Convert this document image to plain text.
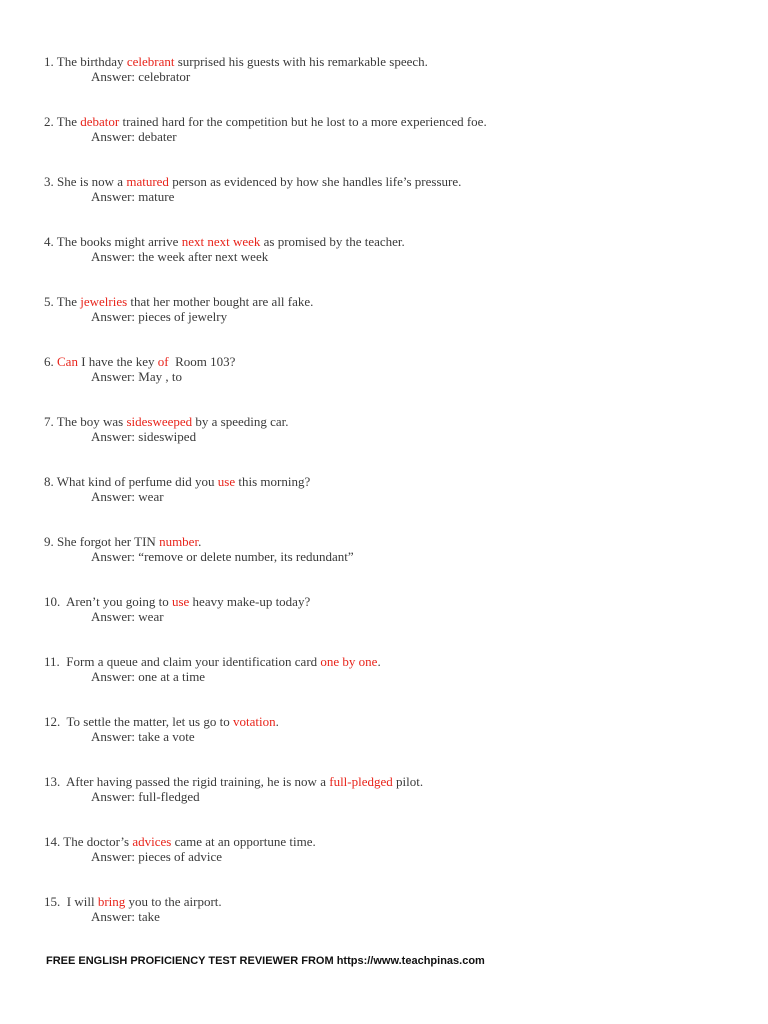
1. The birthday celebrant surprised his guests with his remarkable speech.
Answer: celebrator
2. The debator trained hard for the competition but he lost to a more experienced foe.
Answer: debater
3. She is now a matured person as evidenced by how she handles life’s pressure.
Answer: mature
4. The books might arrive next next week as promised by the teacher.
Answer: the week after next week
5. The jewelries that her mother bought are all fake.
Answer: pieces of jewelry
6. Can I have the key of  Room 103?
Answer: May , to
7. The boy was sidesweeped by a speeding car.
Answer: sideswiped
8. What kind of perfume did you use this morning?
Answer: wear
9. She forgot her TIN number.
Answer: “remove or delete number, its redundant”
10.  Aren’t you going to use heavy make-up today?
Answer: wear
11.  Form a queue and claim your identification card one by one.
Answer: one at a time
12.  To settle the matter, let us go to votation.
Answer: take a vote
13.  After having passed the rigid training, he is now a full-pledged pilot.
Answer: full-fledged
14. The doctor’s advices came at an opportune time.
Answer: pieces of advice
15.  I will bring you to the airport.
Answer: take
FREE ENGLISH PROFICIENCY TEST REVIEWER FROM https://www.teachpinas.com
